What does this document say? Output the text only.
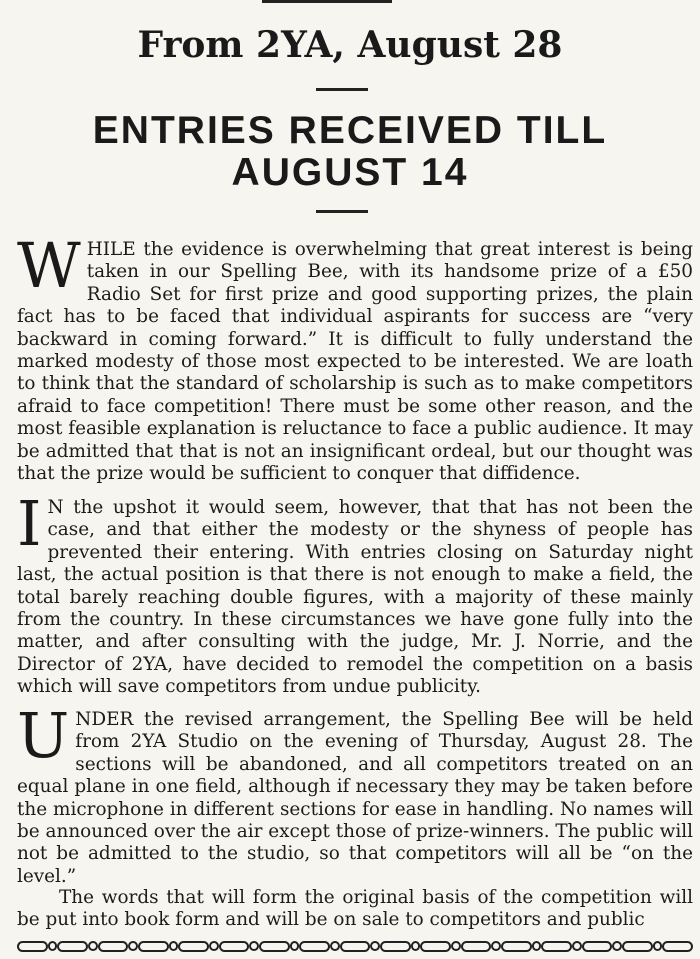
From 2YA, August 28
ENTRIES RECEIVED TILL AUGUST 14

WHILE the evidence is overwhelming that great interest is being taken in our Spelling Bee, with its handsome prize of a £50 Radio Set for first prize and good supporting prizes, the plain fact has to be faced that individual aspirants for success are “very backward in coming forward.” It is difficult to fully understand the marked modesty of those most expected to be interested. We are loath to think that the standard of scholarship is such as to make competitors afraid to face competition! There must be some other reason, and the most feasible explanation is reluctance to face a public audience. It may be admitted that that is not an insignificant ordeal, but our thought was that the prize would be sufficient to conquer that diffidence.

I N the upshot it would seem, however, that that has not been the case, and that either the modesty or the shyness of people has prevented their entering. With entries closing on Saturday night last, the actual position is that there is not enough to make a field, the total barely reaching double figures, with a majority of these mainly from the country. In these circumstances we have gone fully into the matter, and after consulting with the judge, Mr. J. Norrie, and the Director of 2YA, have decided to remodel the competition on a basis which will save competitors from undue publicity.

UNDER the revised arrangement, the Spelling Bee will be held from 2YA Studio on the evening of Thursday, August 28. The sections will be abandoned, and all competitors treated on an equal plane in one field, although if necessary they may be taken before the microphone in different sections for ease in handling. No names will be announced over the air except those of prize-winners. The public will not be admitted to the studio, so that competitors will all be “on the level.”

The words that will form the original basis of the competition will be put into book form and will be on sale to competitors and public
